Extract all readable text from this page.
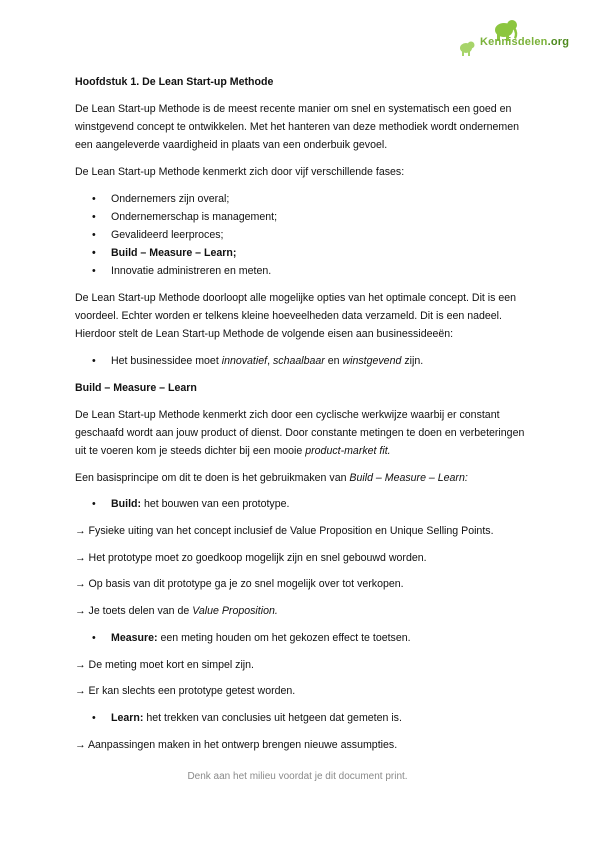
Kennisdelen.org

Hoofdstuk 1. De Lean Start-up Methode

De Lean Start-up Methode is de meest recente manier om snel en systematisch een goed en winstgevend concept te ontwikkelen. Met het hanteren van deze methodiek wordt ondernemen een aangeleverde vaardigheid in plaats van een onderbuik gevoel.

De Lean Start-up Methode kenmerkt zich door vijf verschillende fases:

• Ondernemers zijn overal;
• Ondernemerschap is management;
• Gevalideerd leerproces;
• Build – Measure – Learn;
• Innovatie administreren en meten.

De Lean Start-up Methode doorloopt alle mogelijke opties van het optimale concept. Dit is een voordeel. Echter worden er telkens kleine hoeveelheden data verzameld. Dit is een nadeel. Hierdoor stelt de Lean Start-up Methode de volgende eisen aan businessideeën:

• Het businessidee moet innovatief, schaalbaar en winstgevend zijn.

Build – Measure – Learn

De Lean Start-up Methode kenmerkt zich door een cyclische werkwijze waarbij er constant geschaafd wordt aan jouw product of dienst. Door constante metingen te doen en verbeteringen uit te voeren kom je steeds dichter bij een mooie product-market fit.

Een basisprincipe om dit te doen is het gebruikmaken van Build – Measure – Learn:

• Build: het bouwen van een prototype.

→ Fysieke uiting van het concept inclusief de Value Proposition en Unique Selling Points.

→ Het prototype moet zo goedkoop mogelijk zijn en snel gebouwd worden.

→ Op basis van dit prototype ga je zo snel mogelijk over tot verkopen.

→ Je toets delen van de Value Proposition.

• Measure: een meting houden om het gekozen effect te toetsen.

→ De meting moet kort en simpel zijn.

→ Er kan slechts een prototype getest worden.

• Learn: het trekken van conclusies uit hetgeen dat gemeten is.

→ Aanpassingen maken in het ontwerp brengen nieuwe assumpties.

Denk aan het milieu voordat je dit document print.
